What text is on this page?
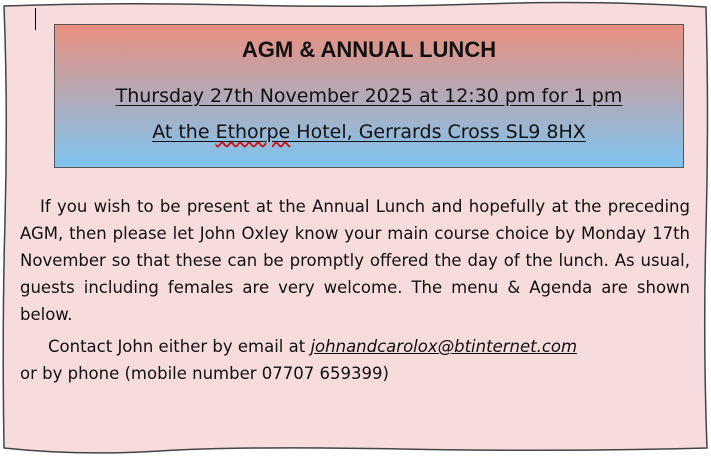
AGM & ANNUAL LUNCH
Thursday 27th November 2025 at 12:30 pm for 1 pm
At the Ethorpe Hotel, Gerrards Cross SL9 8HX

If you wish to be present at the Annual Lunch and hopefully at the preceding AGM, then please let John Oxley know your main course choice by Monday 17th November so that these can be promptly offered the day of the lunch. As usual, guests including females are very welcome. The menu & Agenda are shown below.

Contact John either by email at johnandcarolox@btinternet.com
or by phone (mobile number 07707 659399)
